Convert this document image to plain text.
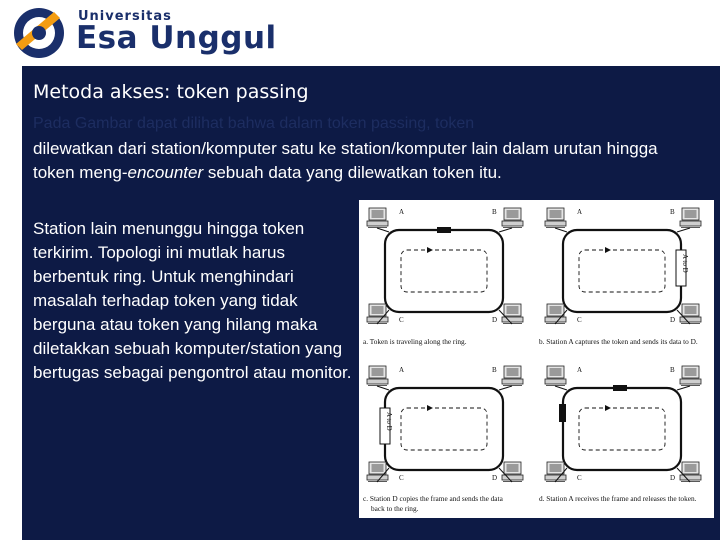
Universitas
Esa Unggul
Metoda akses: token passing
Pada Gambar dapat dilihat bahwa dalam token passing, token
dilewatkan dari station/komputer satu ke station/komputer lain dalam urutan hingga token meng-encounter sebuah data yang dilewatkan token itu.
Station lain menunggu hingga token terkirim. Topologi ini mutlak harus berbentuk ring. Untuk menghindari masalah terhadap token yang tidak berguna atau token yang hilang maka diletakkan sebuah komputer/station yang bertugas sebagai pengontrol atau monitor.
A	B
C	D
A	B
C	D
A to D
A	B
C	D
A to D
A	B
C	D
a. Token is traveling along the ring.	b. Station A captures the token and sends its data to D.
c. Station D copies the frame and sends the data
back to the ring.
d. Station A receives the frame and releases the token.
